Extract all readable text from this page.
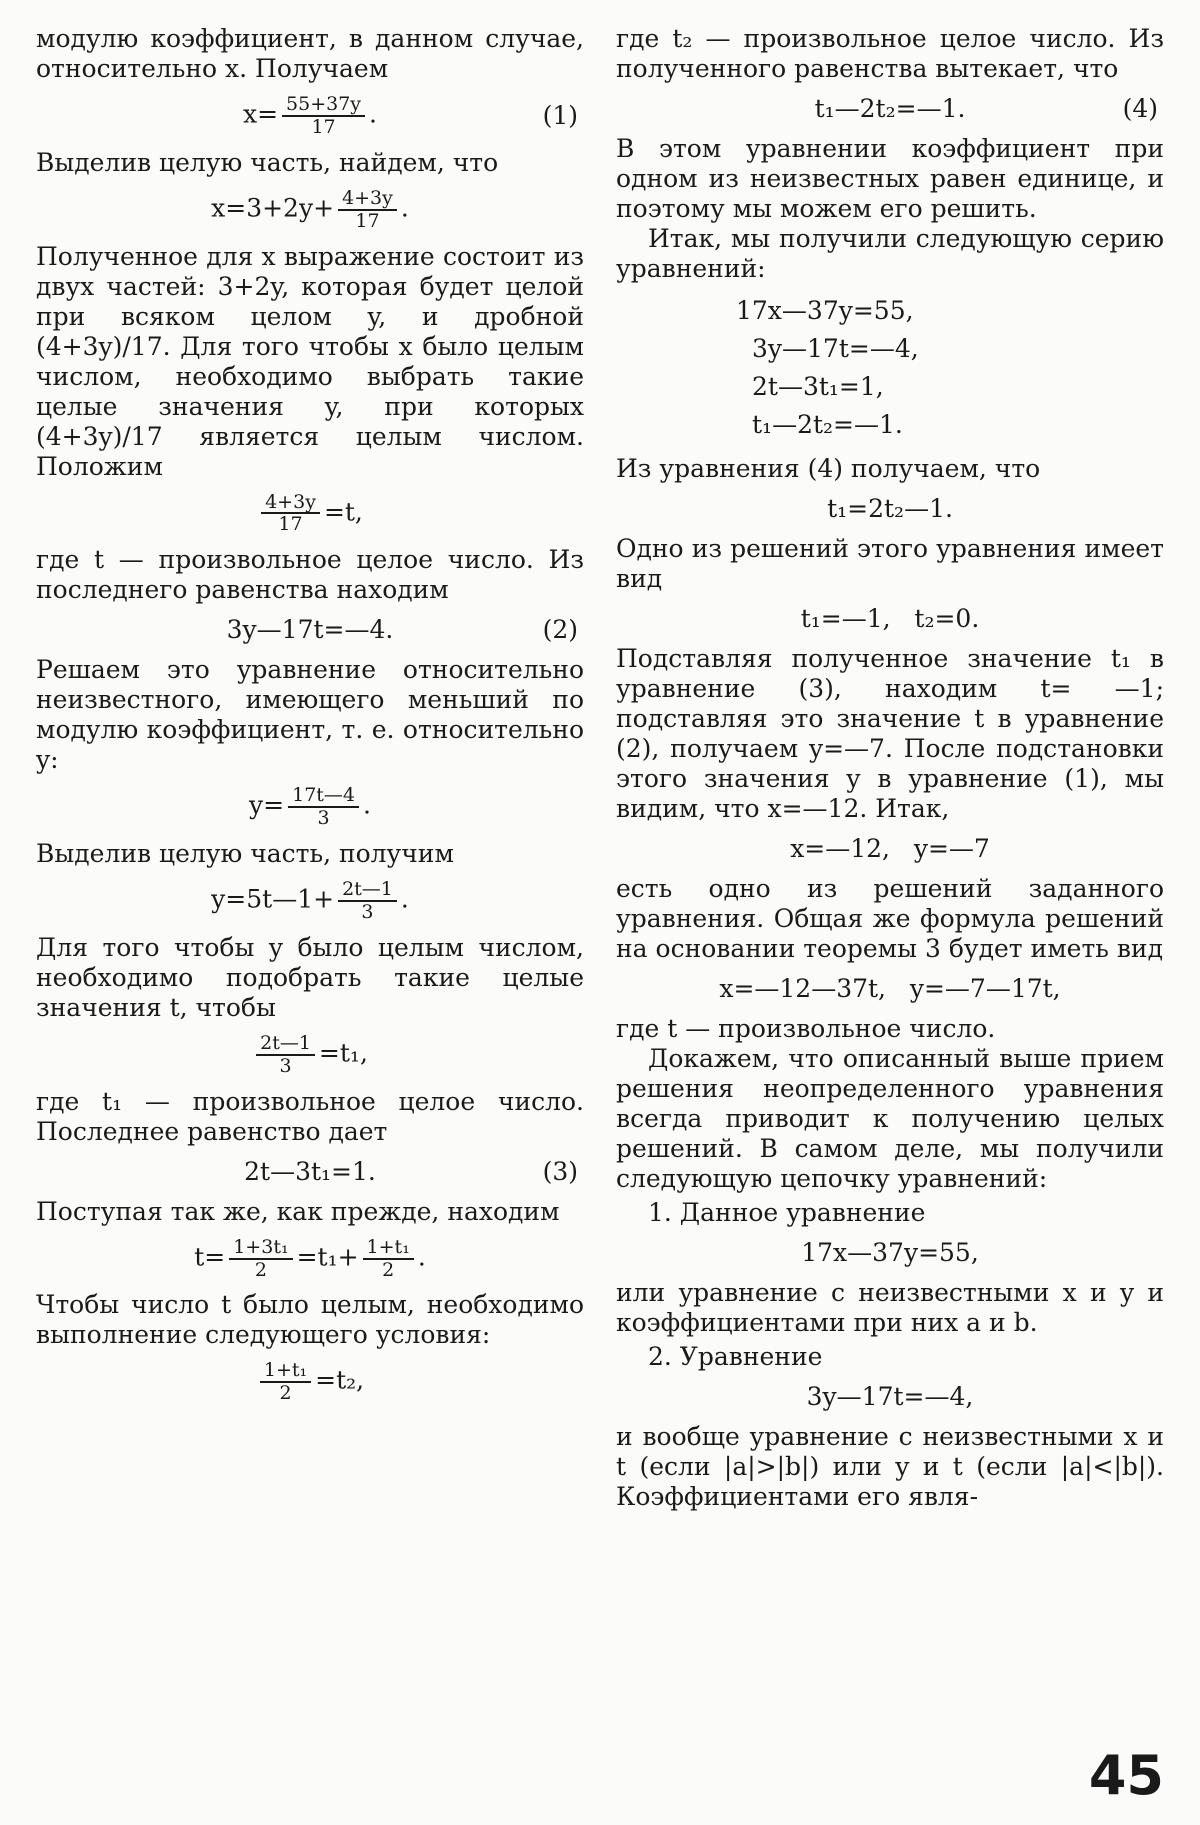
модулю коэффициент, в данном случае, относительно x. Получаем

$x= \frac{55+37y}{17}$ .	(1)

Выделив целую часть, найдем, что

$x=3+2y+ \frac{4+3y}{17}$ .

Полученное для x выражение состоит из двух частей: 3+2y, которая будет целой при всяком целом y, и дробной (4+3y)/17. Для того чтобы x было целым числом, необходимо выбрать такие целые значения y, при которых (4+3y)/17 является целым числом. Положим

$\frac{4+3y}{17} =t$,

где t — произвольное целое число. Из последнего равенства находим

3y—17t=—4.	(2)

Решаем это уравнение относительно неизвестного, имеющего меньший по модулю коэффициент, т. е. относительно y:

$y= \frac{17t—4}{3}$ .

Выделив целую часть, получим

y=5t—1+ $\frac{2t—1}{3}$ .

Для того чтобы y было целым числом, необходимо подобрать такие целые значения t, чтобы

$\frac{2t—1}{3} =t_1$,

где t₁ — произвольное целое число. Последнее равенство дает

2t—3t₁=1.	(3)

Поступая так же, как прежде, находим

$t= \frac{\text{1+3t₁}}{2} =t_1+ \frac{\text{1+t₁}}{2}$ .

Чтобы число t было целым, необходимо выполнение следующего условия:

$\frac{\text{1+t₁}}{2} =t_2$,

где t₂ — произвольное целое число. Из полученного равенства вытекает, что

t₁—2t₂=—1.	(4)

В этом уравнении коэффициент при одном из неизвестных равен единице, и поэтому мы можем его решить.

Итак, мы получили следующую серию уравнений:

17x—37y=55,
3y—17t=—4,
2t—3t₁=1,
t₁—2t₂=—1.

Из уравнения (4) получаем, что

t₁=2t₂—1.

Одно из решений этого уравнения имеет вид

t₁=—1,   t₂=0.

Подставляя полученное значение t₁ в уравнение (3), находим t= —1; подставляя это значение t в уравнение (2), получаем y=—7. После подстановки этого значения y в уравнение (1), мы видим, что x=—12. Итак,

x=—12,   y=—7

есть одно из решений заданного уравнения. Общая же формула решений на основании теоремы 3 будет иметь вид

x=—12—37t,   y=—7—17t,

где t — произвольное число.

Докажем, что описанный выше прием решения неопределенного уравнения всегда приводит к получению целых решений. В самом деле, мы получили следующую цепочку уравнений:

1. Данное уравнение

17x—37y=55,

или уравнение с неизвестными x и y и коэффициентами при них a и b.

2. Уравнение

3y—17t=—4,

и вообще уравнение с неизвестными x и t (если |a|>|b|) или y и t (если |a|<|b|). Коэффициентами его явля-

45
